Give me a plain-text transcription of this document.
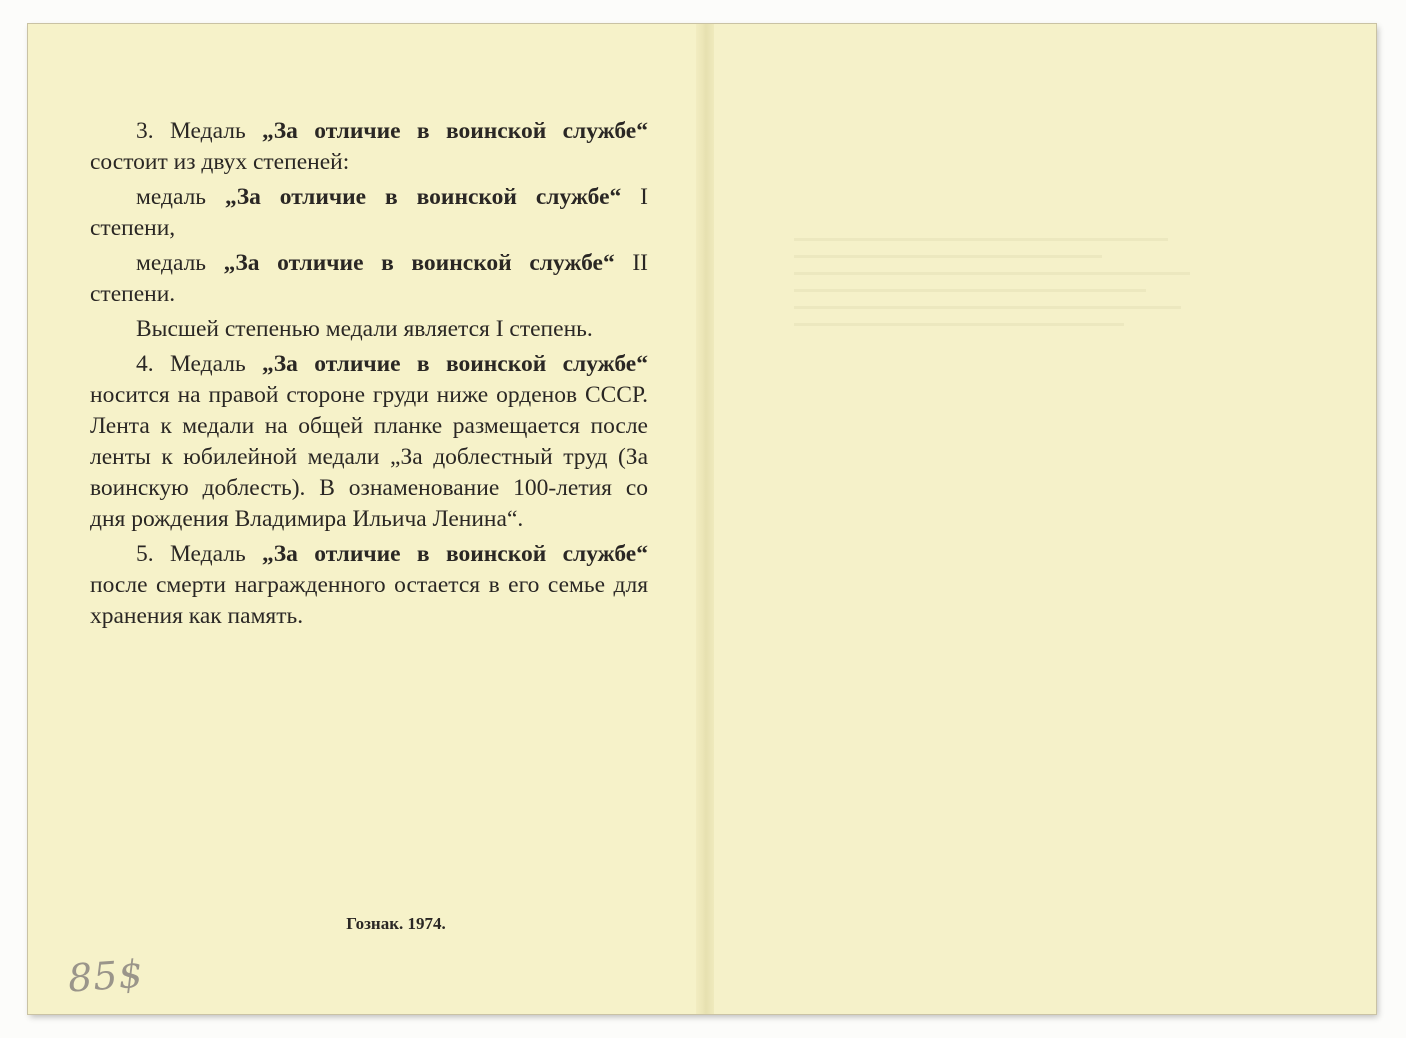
3. Медаль „За отличие в воинской службе“ состоит из двух степеней:

медаль „За отличие в воинской службе“ I степени,

медаль „За отличие в воинской службе“ II степени.

Высшей степенью медали является I степень.

4. Медаль „За отличие в воинской службе“ носится на правой стороне груди ниже орденов СССР. Лента к медали на общей планке размещается после ленты к юбилейной медали „За доблестный труд (За воинскую доблесть). В ознаменование 100-летия со дня рождения Владимира Ильича Ленина“.

5. Медаль „За отличие в воинской службе“ после смерти награжденного остается в его семье для хранения как память.

Гознак. 1974.
85$
